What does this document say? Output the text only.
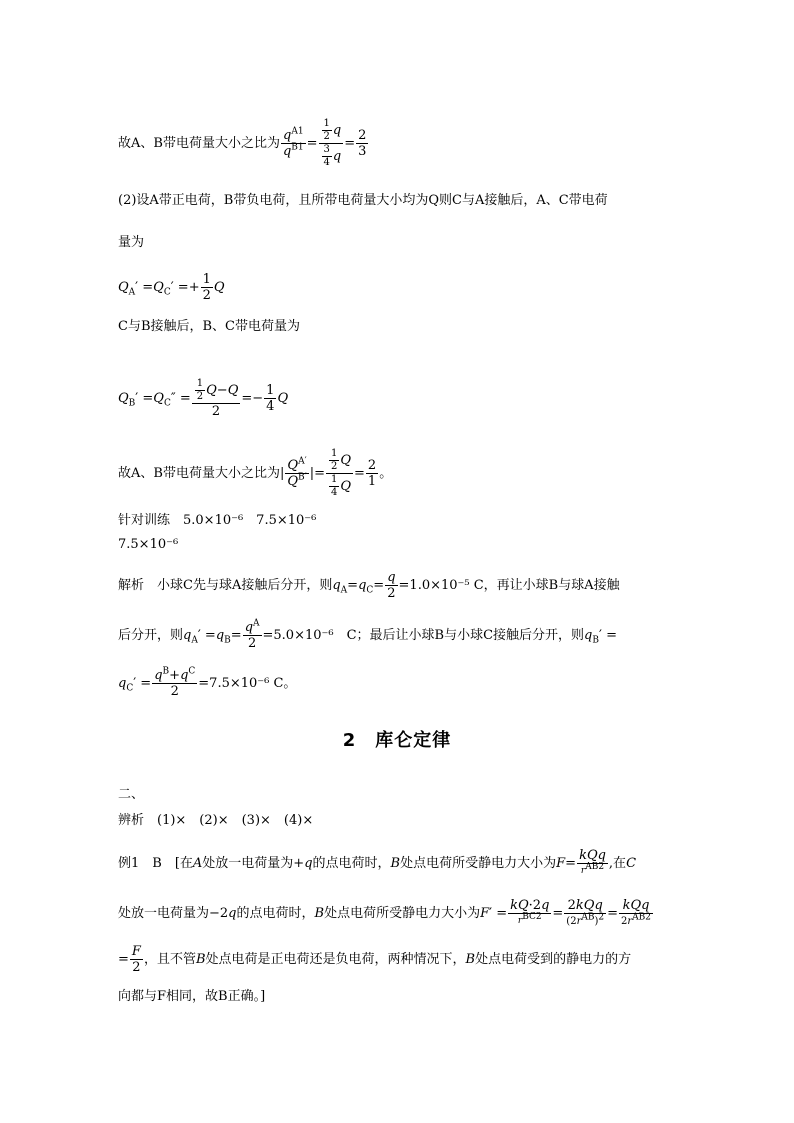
故A、B带电荷量大小之比为 $\frac{q^{A1}}{q^{B1}} = \frac{\frac{1}{2} q}{\frac{3}{4} q} = \frac{2}{3}$
(2)设A带正电荷，B带负电荷，且所带电荷量大小均为Q则C与A接触后，A、C带电荷
量为
$Q_A' =Q_C' =+ \frac{1}{2}$ Q
C与B接触后，B、C带电荷量为
$Q_B' =Q_C'' = \frac{\frac{1}{2} Q-Q}{2} =- \frac{1}{4}$ Q
故A、B带电荷量大小之比为| $\frac{Q^{A'}}{Q^{B'}}$ |= $\frac{\frac{1}{2} Q}{\frac{1}{4} Q} = \frac{2}{1}$ 。
针对训练　5.0×10⁻⁶　7.5×10⁻⁶
7.5×10⁻⁶
解析　小球C先与球A接触后分开，则$q_A=q_C= \frac{q}{2} =1.0\times 10^{-5}$ C，再让小球B与球A接触
后分开，则$q_A' =q_B= \frac{q^A}{2} =5.0\times 10^{-6}$　C；最后让小球B与小球C接触后分开，则$q_B'$ =
$q_C' = \frac{q^B+q^C}{2} =7.5\times 10^{-6}$ C。
2　库仑定律
二、
辨析　(1)×　(2)×　(3)×　(4)×
例1　B　[在A处放一电荷量为+q的点电荷时，B处点电荷所受静电力大小为$F= \frac{\text{kQq}}{r^{AB2}}$ ,在C
处放一电荷量为−2q的点电荷时，B处点电荷所受静电力大小为$F' = \frac{kQ\cdot 2q}{r^{BC2}} = \frac{\text{2kQq}}{(2r^{AB})^2} = \frac{\text{kQq}}{2r^{AB2}}$
= $\frac{F}{2}$ ，且不管B处点电荷是正电荷还是负电荷，两种情况下，B处点电荷受到的静电力的方
向都与F相同，故B正确。]
